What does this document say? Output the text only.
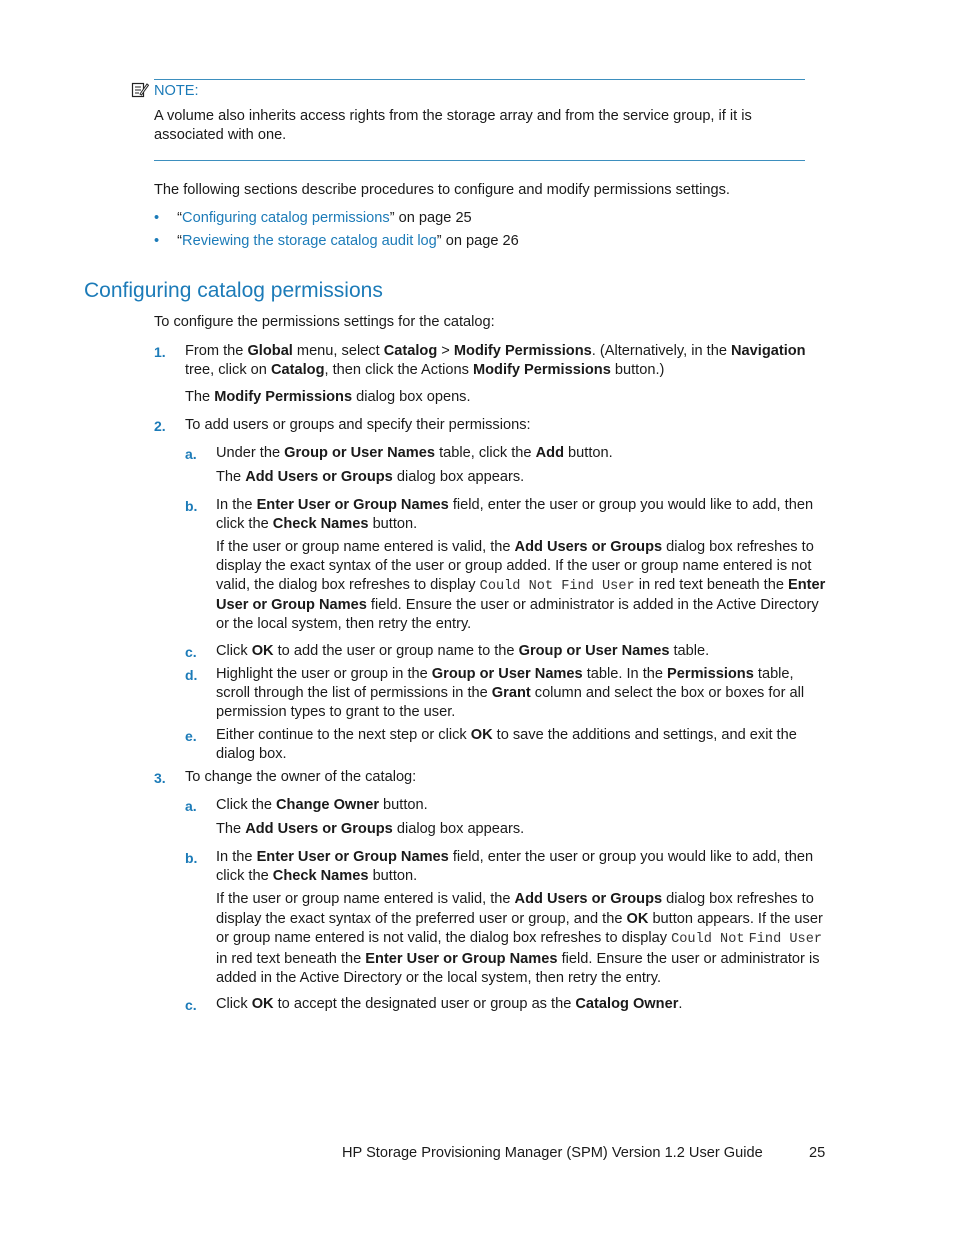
NOTE:
A volume also inherits access rights from the storage array and from the service group, if it is associated with one.
The following sections describe procedures to configure and modify permissions settings.
• “Configuring catalog permissions” on page 25
• “Reviewing the storage catalog audit log” on page 26
Configuring catalog permissions
To configure the permissions settings for the catalog:
1. From the Global menu, select Catalog > Modify Permissions. (Alternatively, in the Navigation tree, click on Catalog, then click the Actions Modify Permissions button.)
The Modify Permissions dialog box opens.
2. To add users or groups and specify their permissions:
a. Under the Group or User Names table, click the Add button.
The Add Users or Groups dialog box appears.
b. In the Enter User or Group Names field, enter the user or group you would like to add, then click the Check Names button.
If the user or group name entered is valid, the Add Users or Groups dialog box refreshes to display the exact syntax of the user or group added. If the user or group name entered is not valid, the dialog box refreshes to display Could Not Find User in red text beneath the Enter User or Group Names field. Ensure the user or administrator is added in the Active Directory or the local system, then retry the entry.
c. Click OK to add the user or group name to the Group or User Names table.
d. Highlight the user or group in the Group or User Names table. In the Permissions table, scroll through the list of permissions in the Grant column and select the box or boxes for all permission types to grant to the user.
e. Either continue to the next step or click OK to save the additions and settings, and exit the dialog box.
3. To change the owner of the catalog:
a. Click the Change Owner button.
The Add Users or Groups dialog box appears.
b. In the Enter User or Group Names field, enter the user or group you would like to add, then click the Check Names button.
If the user or group name entered is valid, the Add Users or Groups dialog box refreshes to display the exact syntax of the preferred user or group, and the OK button appears. If the user or group name entered is not valid, the dialog box refreshes to display Could Not Find User in red text beneath the Enter User or Group Names field. Ensure the user or administrator is added in the Active Directory or the local system, then retry the entry.
c. Click OK to accept the designated user or group as the Catalog Owner.
HP Storage Provisioning Manager (SPM) Version 1.2 User Guide	25
